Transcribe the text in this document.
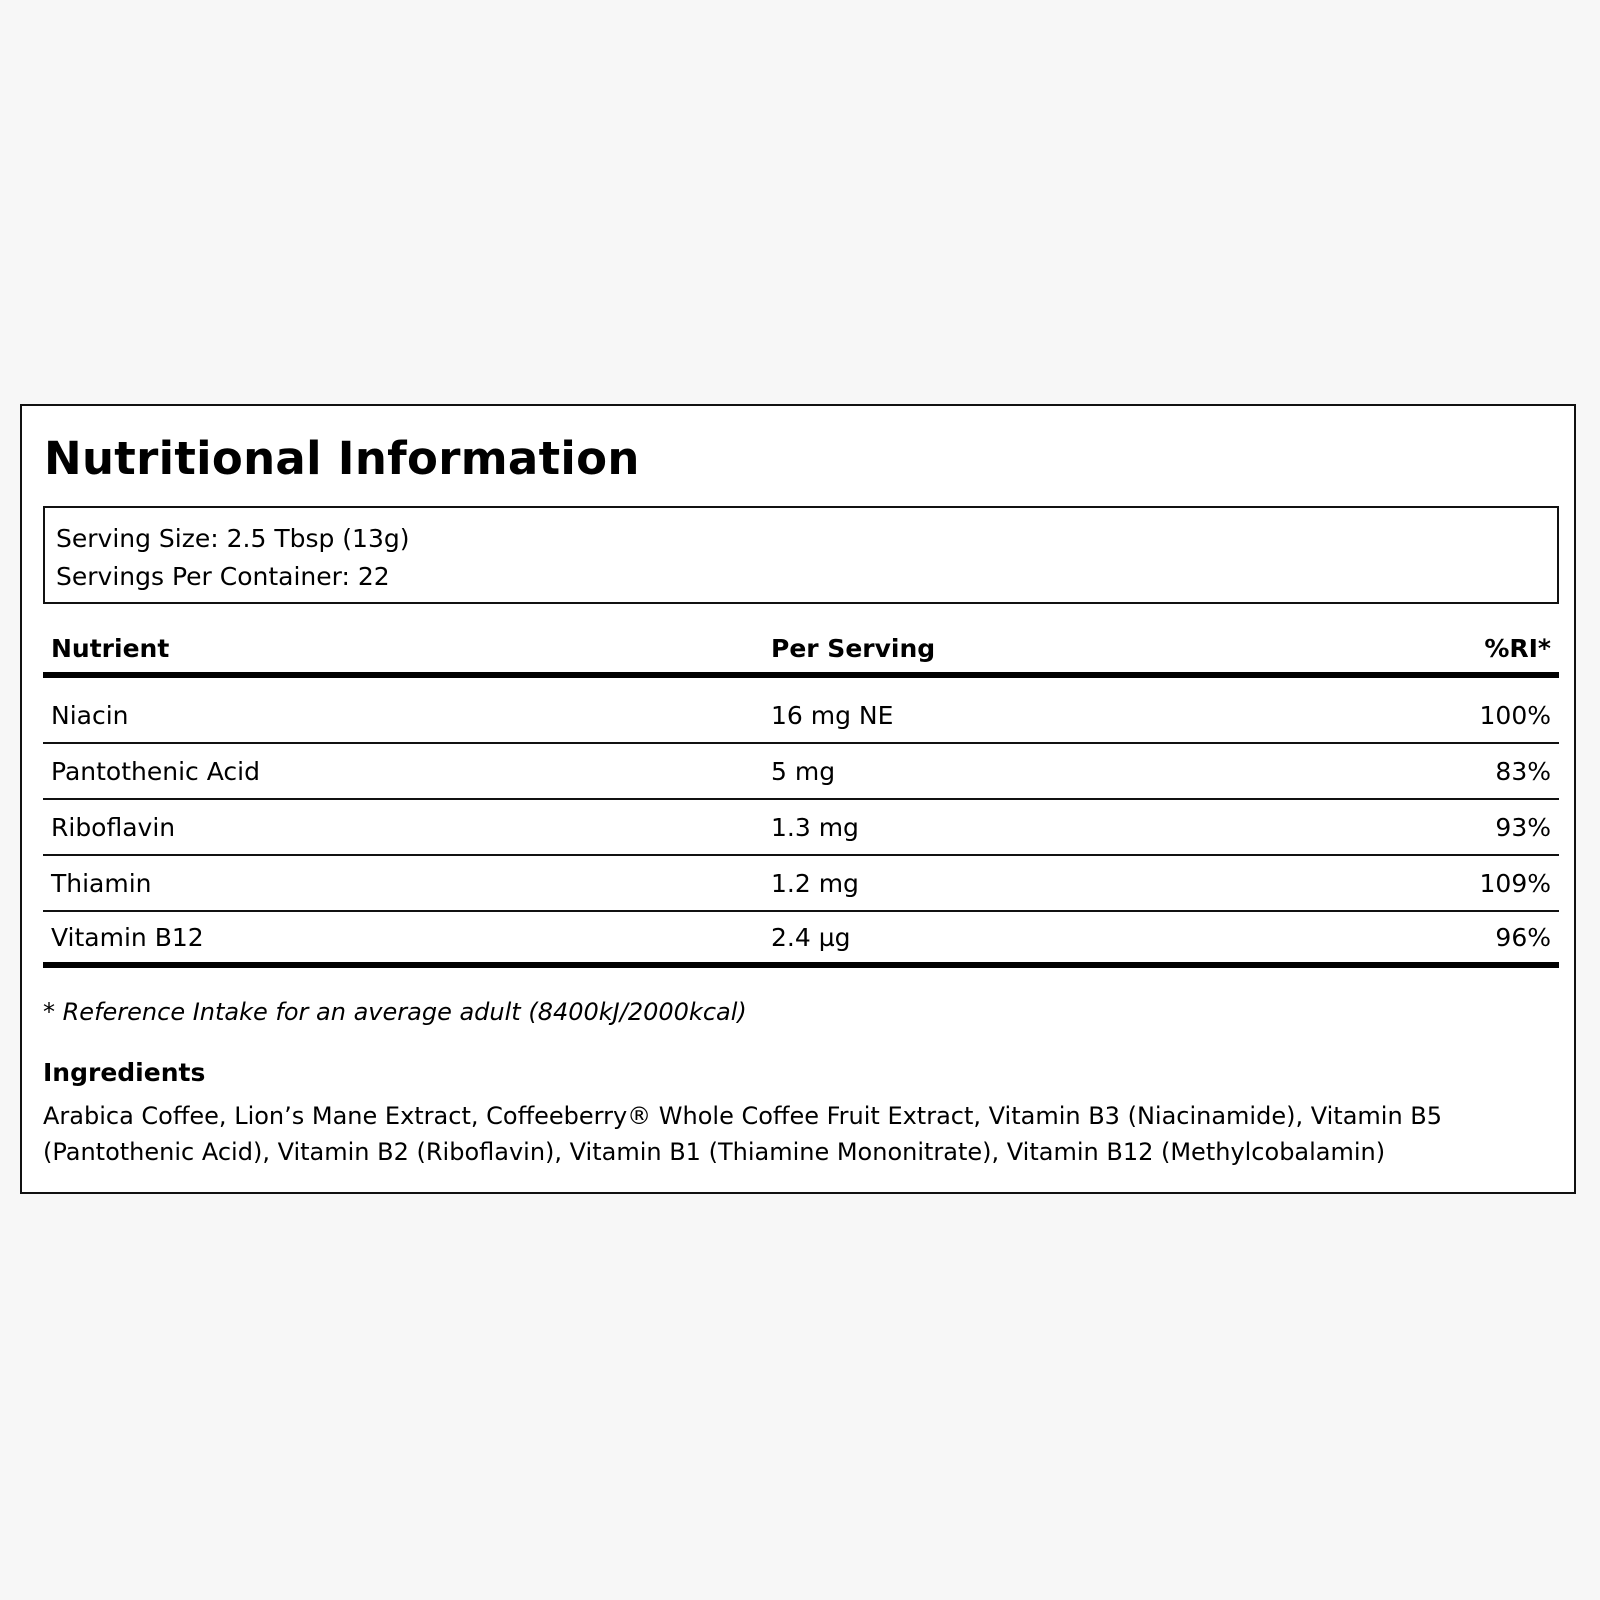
Nutritional Information
Serving Size: 2.5 Tbsp (13g)
Servings Per Container: 22
Nutrient	Per Serving	%RI*
Niacin	16 mg NE	100%
Pantothenic Acid	5 mg	83%
Riboflavin	1.3 mg	93%
Thiamin	1.2 mg	109%
Vitamin B12	2.4 µg	96%
* Reference Intake for an average adult (8400kJ/2000kcal)
Ingredients
Arabica Coffee, Lion’s Mane Extract, Coffeeberry® Whole Coffee Fruit Extract, Vitamin B3 (Niacinamide), Vitamin B5 (Pantothenic Acid), Vitamin B2 (Riboflavin), Vitamin B1 (Thiamine Mononitrate), Vitamin B12 (Methylcobalamin)
